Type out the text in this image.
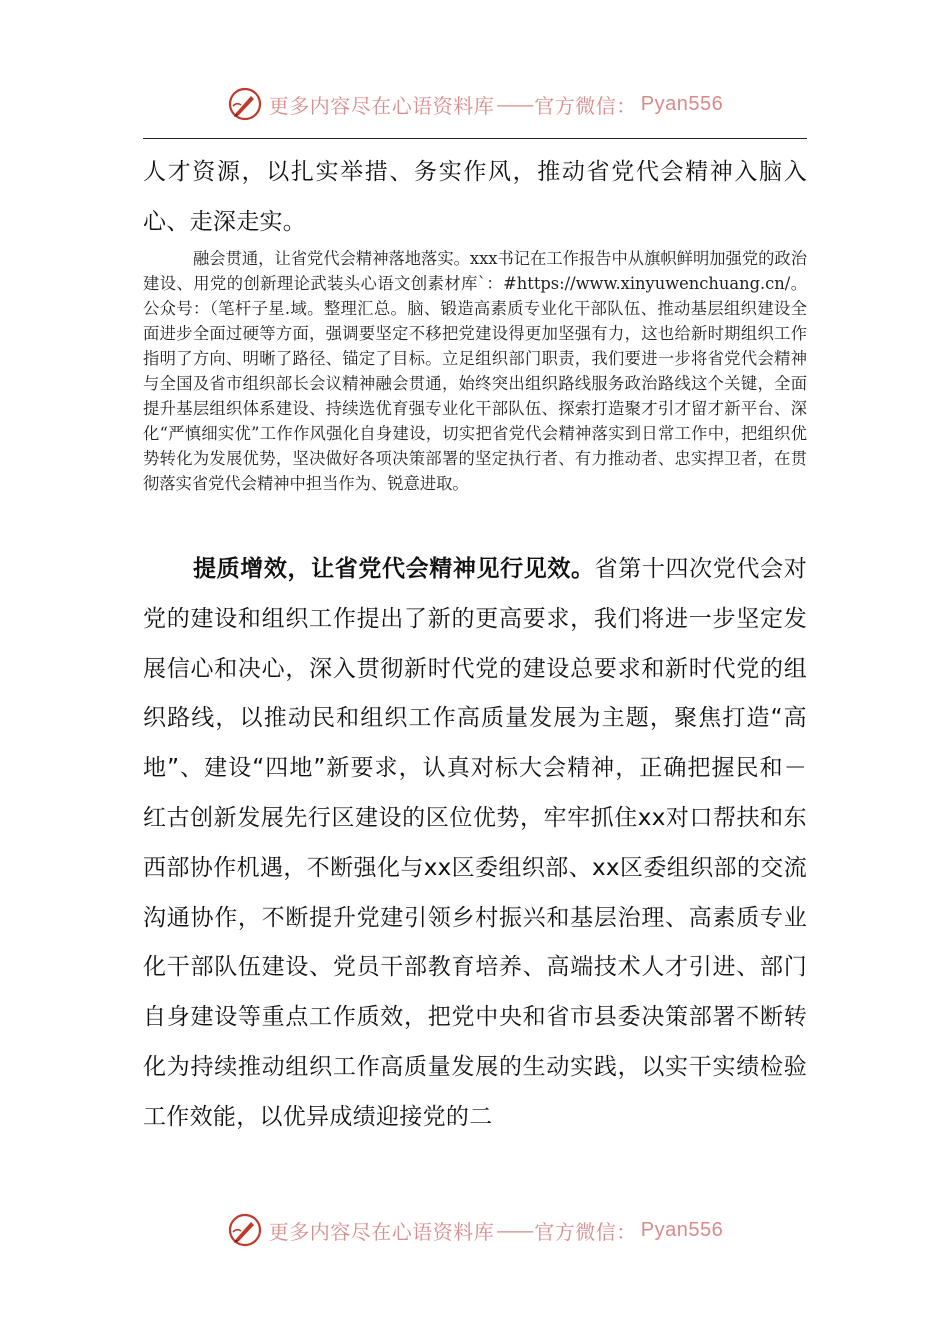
更多内容尽在心语资料库 —— 官方微信： Pyan556

人才资源，以扎实举措、务实作风，推动省党代会精神入脑入心、走深走实。

融会贯通，让省党代会精神落地落实。xxx书记在工作报告中从旗帜鲜明加强党的政治建设、用党的创新理论武装头心语文创素材库`：#https://www.xinyuwenchuang.cn/。公众号：（笔杆子星.域。整理汇总。脑、锻造高素质专业化干部队伍、推动基层组织建设全面进步全面过硬等方面，强调要坚定不移把党建设得更加坚强有力，这也给新时期组织工作指明了方向、明晰了路径、锚定了目标。立足组织部门职责，我们要进一步将省党代会精神与全国及省市组织部长会议精神融会贯通，始终突出组织路线服务政治路线这个关键，全面提升基层组织体系建设、持续选优育强专业化干部队伍、探索打造聚才引才留才新平台、深化“严慎细实优”工作作风强化自身建设，切实把省党代会精神落实到日常工作中，把组织优势转化为发展优势，坚决做好各项决策部署的坚定执行者、有力推动者、忠实捍卫者，在贯彻落实省党代会精神中担当作为、锐意进取。

提质增效，让省党代会精神见行见效。省第十四次党代会对党的建设和组织工作提出了新的更高要求，我们将进一步坚定发展信心和决心，深入贯彻新时代党的建设总要求和新时代党的组织路线，以推动民和组织工作高质量发展为主题，聚焦打造“高地”、建设“四地”新要求，认真对标大会精神，正确把握民和－红古创新发展先行区建设的区位优势，牢牢抓住xx对口帮扶和东西部协作机遇，不断强化与xx区委组织部、xx区委组织部的交流沟通协作，不断提升党建引领乡村振兴和基层治理、高素质专业化干部队伍建设、党员干部教育培养、高端技术人才引进、部门自身建设等重点工作质效，把党中央和省市县委决策部署不断转化为持续推动组织工作高质量发展的生动实践，以实干实绩检验工作效能，以优异成绩迎接党的二

更多内容尽在心语资料库 —— 官方微信： Pyan556
